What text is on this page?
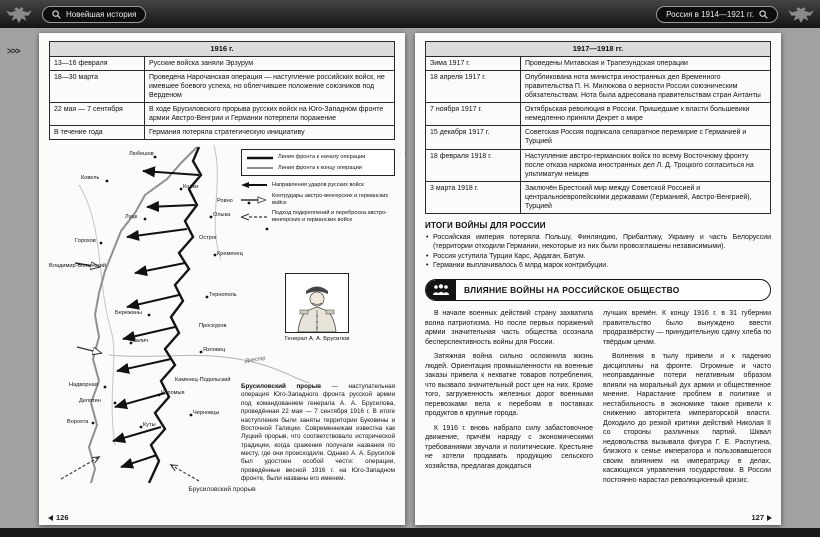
Новейшая история	Россия в 1914—1921 гг.
>>>	1916 г.	
13—16 февраля	Русские войска заняли Эрзурум
18—30 марта	Проведена Нарочанская операция — наступление российских войск, не имевшее боевого успеха, но облегчившее положение союзников под Верденом
22 мая — 7 сентября	В ходе Брусиловского прорыва русских войск на Юго-Западном фронте армии Австро-Венгрии и Германии потерпели поражение
В течение года	Германия потеряла стратегическую инициативу
Любешов
Ковель
Колки
Луцк
Ровно
Горохов
Олыка
Острог
Кременец
Тернополь
Бережаны
Галич
Проскуров
Язловец
Каменец-Подольский
Надворная
Делятин
Ворохта	Куты
Черновцы
Владимир-Волынский
Коломыя
Днестр
Линия фронта к началу операции
Линия фронта к концу операции
Направления ударов русских войск
Контрудары австро-венгерских и германских войск
Подход подкреплений и переброска австро-венгерских и германских войск
Генерал А. А. Брусилов
Брусиловский прорыв — наступательная операция Юго-Западного фронта русской армии под командованием генерала А. А. Брусилова, проведённая 22 мая — 7 сентября 1916 г. В итоге наступления были заняты территории Буковины и Восточной Галиции. Современникам известна как Луцкий прорыв, что соответствовало исторической традиции, когда сражения получали названия по месту, где они происходили. Однако А. А. Брусилов был удостоен особой чести: операции, проведённые весной 1916 г. на Юго-Западном фронте, были названы его именем.
Брусиловский прорыв
126
1917—1918 гг.	
Зима 1917 г.	Проведены Митавская и Трапезундская операции
18 апреля 1917 г.	Опубликована нота министра иностранных дел Временного правительства П. Н. Милюкова о верности России союзническим обязательствам. Нота была адресована правительствам стран Антанты
7 ноября 1917 г.	Октябрьская революция в России. Пришедшие к власти большевики немедленно приняли Декрет о мире
15 декабря 1917 г.	Советская Россия подписала сепаратное перемирие с Германией и Турцией
18 февраля 1918 г.	Наступление австро-германских войск по всему Восточному фронту после отказа наркома иностранных дел Л. Д. Троцкого согласиться на ультиматум немцев
3 марта 1918 г.	Заключён Брестский мир между Советской Россией и центральноевропейскими державами (Германией, Австро-Венгрией), Турцией
ИТОГИ ВОЙНЫ ДЛЯ РОССИИ
• Российская империя потеряла Польшу, Финляндию, Прибалтику, Украину и часть Белоруссии (территории отходили Германии, некоторые из них были провозглашены независимыми).
• Россия уступила Турции Карс, Ардаган, Батум.
• Германии выплачивалось 6 млрд марок контрибуции.
ВЛИЯНИЕ ВОЙНЫ НА РОССИЙСКОЕ ОБЩЕСТВО

В начале военных действий страну захватила волна патриотизма. Но после первых поражений армии значительная часть общества осознала бесперспективность войны для России.

Затяжная война сильно осложнила жизнь людей. Ориентация промышленности на военные заказы привела к нехватке товаров потребления, что вызвало значительный рост цен на них. Кроме того, загруженность железных дорог военными перевозками вела к перебоям в поставках продуктов в крупные города.

К 1916 г. вновь набрало силу забастовочное движение, причём наряду с экономическими требованиями звучали и политические. Крестьяне не хотели продавать продукцию сельского хозяйства, предлагая дождаться

лучших времён. К концу 1916 г. в 31 губернии правительство было вынуждено ввести продразвёрстку — принудительную сдачу хлеба по твёрдым ценам.

Волнения в тылу привели и к падению дисциплины на фронте. Огромные и часто неоправданные потери негативным образом влияли на моральный дух армии и общественное мнение. Нарастание проблем в политике и нестабильность в экономике также привели к снижению авторитета императорской власти. Доходило до резкой критики действий Николая II со стороны различных партий. Шквал недовольства вызывала фигура Г. Е. Распутина, близкого к семье императора и пользовавшегося своим влиянием на императрицу в делах, касающихся управления государством. В России постоянно нарастал революционный кризис.

127
